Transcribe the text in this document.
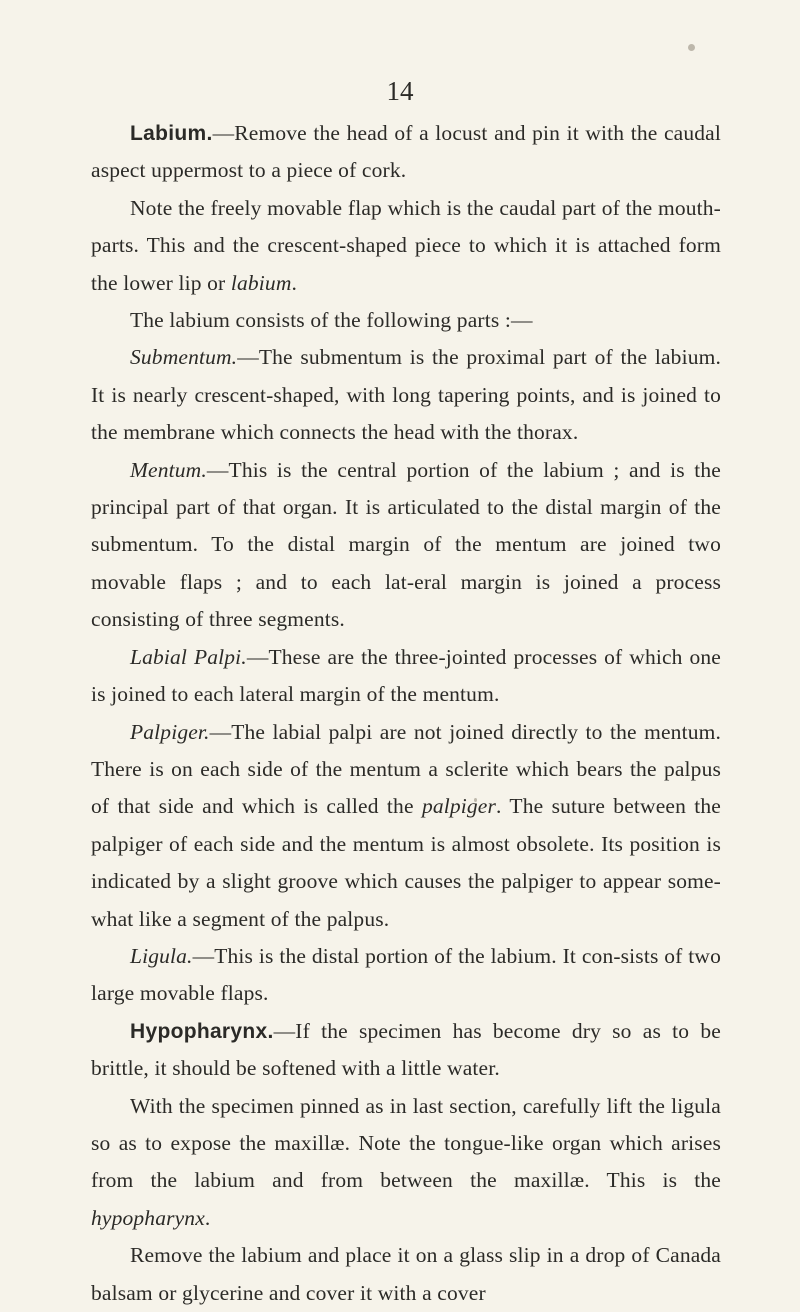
14

Labium.—Remove the head of a locust and pin it with the caudal aspect uppermost to a piece of cork.

Note the freely movable flap which is the caudal part of the mouth-parts. This and the crescent-shaped piece to which it is attached form the lower lip or labium.

The labium consists of the following parts :—

Submentum.—The submentum is the proximal part of the labium. It is nearly crescent-shaped, with long tapering points, and is joined to the membrane which connects the head with the thorax.

Mentum.—This is the central portion of the labium ; and is the principal part of that organ. It is articulated to the distal margin of the submentum. To the distal margin of the mentum are joined two movable flaps ; and to each lat-eral margin is joined a process consisting of three segments.

Labial Palpi.—These are the three-jointed processes of which one is joined to each lateral margin of the mentum.

Palpiger.—The labial palpi are not joined directly to the mentum. There is on each side of the mentum a sclerite which bears the palpus of that side and which is called the palpiger. The suture between the palpiger of each side and the mentum is almost obsolete. Its position is indicated by a slight groove which causes the palpiger to appear some-what like a segment of the palpus.

Ligula.—This is the distal portion of the labium. It con-sists of two large movable flaps.

Hypopharynx.—If the specimen has become dry so as to be brittle, it should be softened with a little water.

With the specimen pinned as in last section, carefully lift the ligula so as to expose the maxillæ. Note the tongue-like organ which arises from the labium and from between the maxillæ. This is the hypopharynx.

Remove the labium and place it on a glass slip in a drop of Canada balsam or glycerine and cover it with a cover
